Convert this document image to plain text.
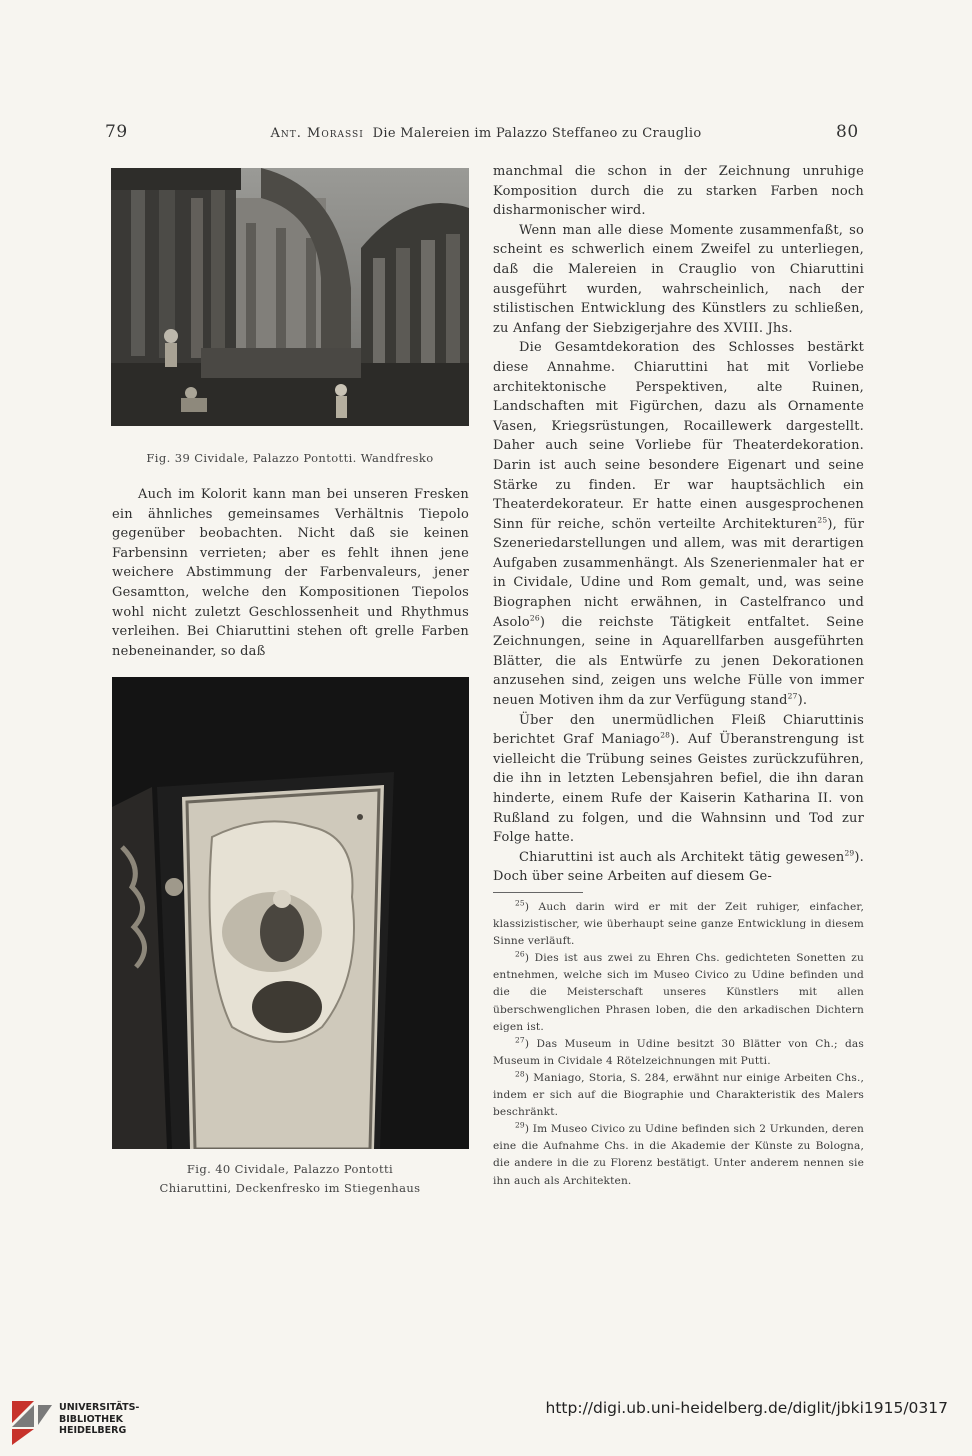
79	Ant. Morassi Die Malereien im Palazzo Steffaneo zu Crauglio	80
Fig. 39 Cividale, Palazzo Pontotti. Wandfresko

Auch im Kolorit kann man bei unseren Fresken ein ähnliches gemeinsames Verhältnis Tiepolo gegenüber beobachten. Nicht daß sie keinen Farbensinn verrieten; aber es fehlt ihnen jene weichere Abstimmung der Farbenvaleurs, jener Gesamtton, welche den Kompositionen Tiepolos wohl nicht zuletzt Geschlossenheit und Rhythmus verleihen. Bei Chiaruttini stehen oft grelle Farben nebeneinander, so daß

Fig. 40 Cividale, Palazzo Pontotti
Chiaruttini, Deckenfresko im Stiegenhaus

manchmal die schon in der Zeichnung unruhige Komposition durch die zu starken Farben noch disharmonischer wird.

Wenn man alle diese Momente zusammenfaßt, so scheint es schwerlich einem Zweifel zu unterliegen, daß die Malereien in Crauglio von Chiaruttini ausgeführt wurden, wahrscheinlich, nach der stilistischen Entwicklung des Künstlers zu schließen, zu Anfang der Siebzigerjahre des XVIII. Jhs.

Die Gesamtdekoration des Schlosses bestärkt diese Annahme. Chiaruttini hat mit Vorliebe architektonische Perspektiven, alte Ruinen, Landschaften mit Figürchen, dazu als Ornamente Vasen, Kriegsrüstungen, Rocaillewerk dargestellt. Daher auch seine Vorliebe für Theaterdekoration. Darin ist auch seine besondere Eigenart und seine Stärke zu finden. Er war hauptsächlich ein Theaterdekorateur. Er hatte einen ausgesprochenen Sinn für reiche, schön verteilte Architekturen$^{25}$), für Szeneriedarstellungen und allem, was mit derartigen Aufgaben zusammenhängt. Als Szenerienmaler hat er in Cividale, Udine und Rom gemalt, und, was seine Biographen nicht erwähnen, in Castelfranco und Asolo$^{26}$) die reichste Tätigkeit entfaltet. Seine Zeichnungen, seine in Aquarellfarben ausgeführten Blätter, die als Entwürfe zu jenen Dekorationen anzusehen sind, zeigen uns welche Fülle von immer neuen Motiven ihm da zur Verfügung stand$^{27}$).

Über den unermüdlichen Fleiß Chiaruttinis berichtet Graf Maniago$^{28}$). Auf Überanstrengung ist vielleicht die Trübung seines Geistes zurückzuführen, die ihn in letzten Lebensjahren befiel, die ihn daran hinderte, einem Rufe der Kaiserin Katharina II. von Rußland zu folgen, und die Wahnsinn und Tod zur Folge hatte.

Chiaruttini ist auch als Architekt tätig gewesen$^{29}$). Doch über seine Arbeiten auf diesem Ge-

$^{25}$) Auch darin wird er mit der Zeit ruhiger, einfacher, klassizistischer, wie überhaupt seine ganze Entwicklung in diesem Sinne verläuft.

$^{26}$) Dies ist aus zwei zu Ehren Chs. gedichteten Sonetten zu entnehmen, welche sich im Museo Civico zu Udine befinden und die die Meisterschaft unseres Künstlers mit allen überschwenglichen Phrasen loben, die den arkadischen Dichtern eigen ist.

$^{27}$) Das Museum in Udine besitzt 30 Blätter von Ch.; das Museum in Cividale 4 Rötelzeichnungen mit Putti.

$^{28}$) Maniago, Storia, S. 284, erwähnt nur einige Arbeiten Chs., indem er sich auf die Biographie und Charakteristik des Malers beschränkt.

$^{29}$) Im Museo Civico zu Udine befinden sich 2 Urkunden, deren eine die Aufnahme Chs. in die Akademie der Künste zu Bologna, die andere in die zu Florenz bestätigt. Unter anderem nennen sie ihn auch als Architekten.

UNIVERSITÄTS-
BIBLIOTHEK
HEIDELBERG
http://digi.ub.uni-heidelberg.de/diglit/jbki1915/0317
